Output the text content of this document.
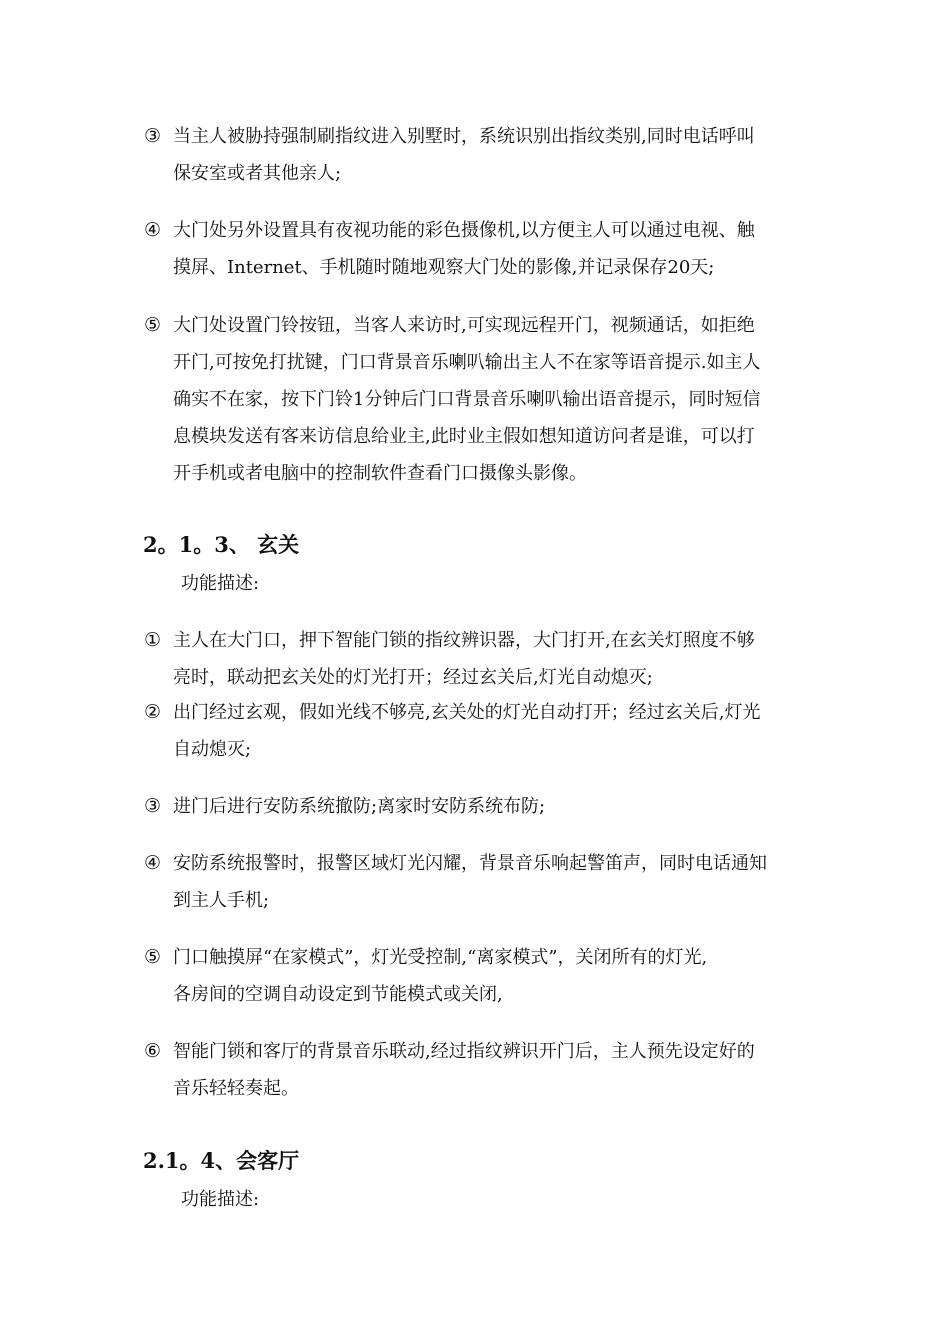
③ 当主人被胁持强制刷指纹进入别墅时，系统识别出指纹类别,同时电话呼叫
保安室或者其他亲人;
④ 大门处另外设置具有夜视功能的彩色摄像机,以方便主人可以通过电视、触
摸屏、Internet、手机随时随地观察大门处的影像,并记录保存20天;
⑤ 大门处设置门铃按钮，当客人来访时,可实现远程开门，视频通话，如拒绝
开门,可按免打扰键，门口背景音乐喇叭输出主人不在家等语音提示.如主人
确实不在家，按下门铃1分钟后门口背景音乐喇叭输出语音提示，同时短信
息模块发送有客来访信息给业主,此时业主假如想知道访问者是谁，可以打
开手机或者电脑中的控制软件查看门口摄像头影像。
2。1。3、 玄关
功能描述:
① 主人在大门口，押下智能门锁的指纹辨识器，大门打开,在玄关灯照度不够
亮时，联动把玄关处的灯光打开；经过玄关后,灯光自动熄灭;
② 出门经过玄观，假如光线不够亮,玄关处的灯光自动打开；经过玄关后,灯光
自动熄灭;
③ 进门后进行安防系统撤防;离家时安防系统布防;
④ 安防系统报警时，报警区域灯光闪耀，背景音乐响起警笛声，同时电话通知
到主人手机;
⑤ 门口触摸屏“在家模式”，灯光受控制,“离家模式”，关闭所有的灯光,
各房间的空调自动设定到节能模式或关闭,
⑥ 智能门锁和客厅的背景音乐联动,经过指纹辨识开门后，主人预先设定好的
音乐轻轻奏起。
2.1。4、会客厅
功能描述:
